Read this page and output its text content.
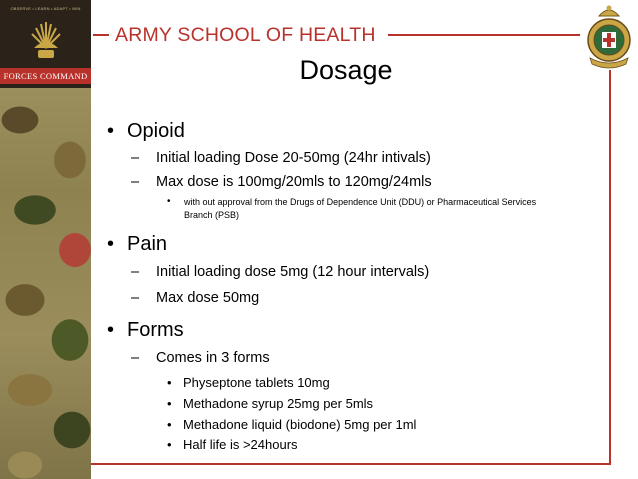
OBSERVE • LEARN • ADAPT • WIN
FORCES COMMAND
ARMY SCHOOL OF HEALTH
Dosage
• Opioid
– Initial loading Dose 20-50mg (24hr intivals)
– Max dose is 100mg/20mls to 120mg/24mls
•	with out approval from the Drugs of Dependence Unit (DDU) or Pharmaceutical Services
Branch (PSB)
• Pain
– Initial loading dose 5mg (12 hour intervals)
– Max dose 50mg
• Forms
– Comes in 3 forms
• Physeptone tablets 10mg
• Methadone syrup 25mg per 5mls
• Methadone liquid (biodone) 5mg per 1ml
• Half life is >24hours
